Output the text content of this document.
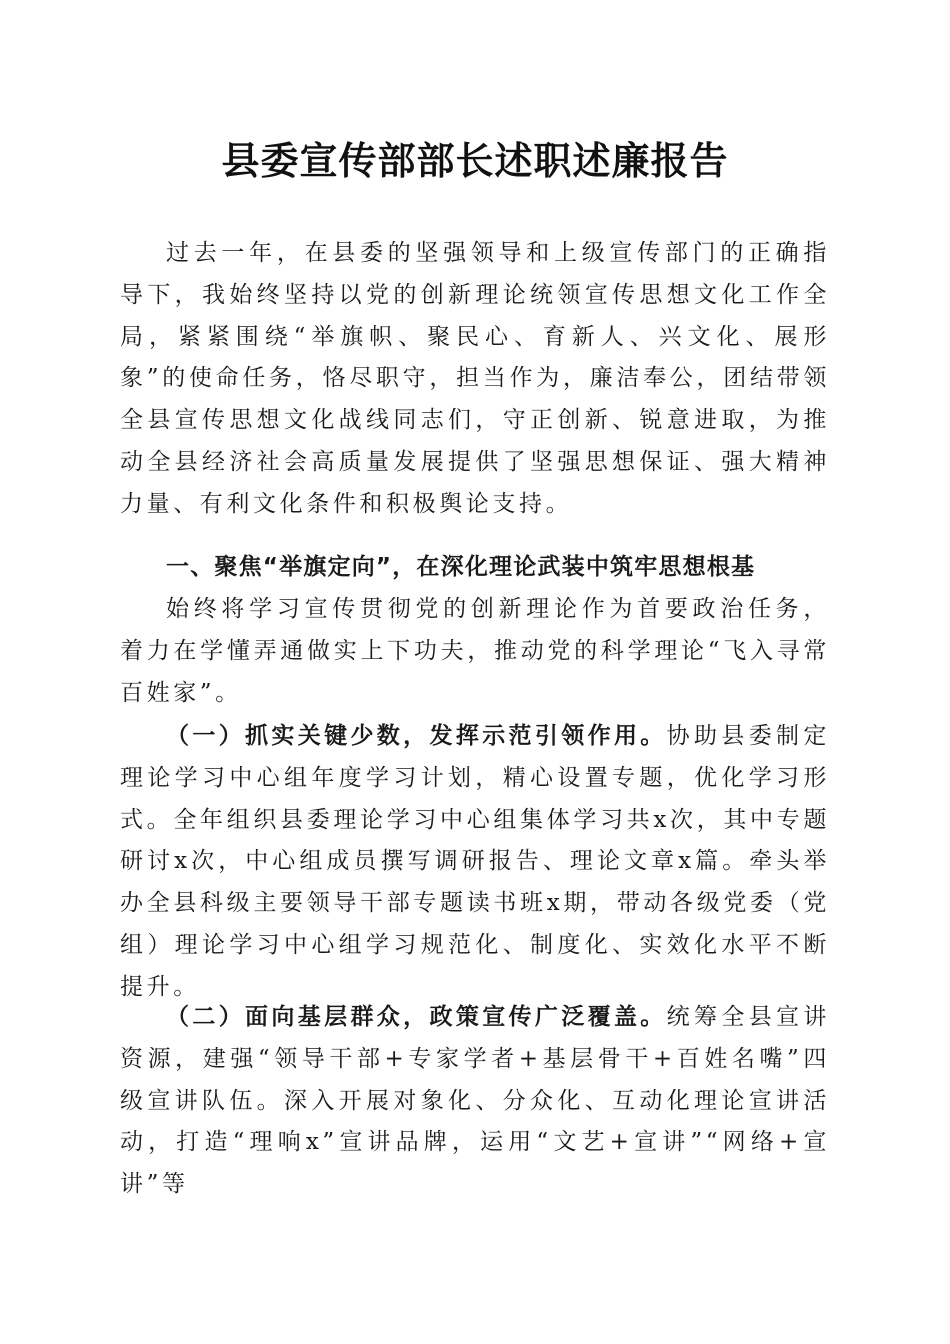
县委宣传部部长述职述廉报告

过去一年，在县委的坚强领导和上级宣传部门的正确指导下，我始终坚持以党的创新理论统领宣传思想文化工作全局，紧紧围绕“举旗帜、聚民心、育新人、兴文化、展形象”的使命任务，恪尽职守，担当作为，廉洁奉公，团结带领全县宣传思想文化战线同志们，守正创新、锐意进取，为推动全县经济社会高质量发展提供了坚强思想保证、强大精神力量、有利文化条件和积极舆论支持。

一、聚焦“举旗定向”，在深化理论武装中筑牢思想根基

始终将学习宣传贯彻党的创新理论作为首要政治任务，着力在学懂弄通做实上下功夫，推动党的科学理论“飞入寻常百姓家”。

（一）抓实关键少数，发挥示范引领作用。协助县委制定理论学习中心组年度学习计划，精心设置专题，优化学习形式。全年组织县委理论学习中心组集体学习共x次，其中专题研讨x次，中心组成员撰写调研报告、理论文章x篇。牵头举办全县科级主要领导干部专题读书班x期，带动各级党委（党组）理论学习中心组学习规范化、制度化、实效化水平不断提升。

（二）面向基层群众，政策宣传广泛覆盖。统筹全县宣讲资源，建强“领导干部+专家学者+基层骨干+百姓名嘴”四级宣讲队伍。深入开展对象化、分众化、互动化理论宣讲活动，打造“理响x”宣讲品牌，运用“文艺+宣讲”“网络+宣讲”等
